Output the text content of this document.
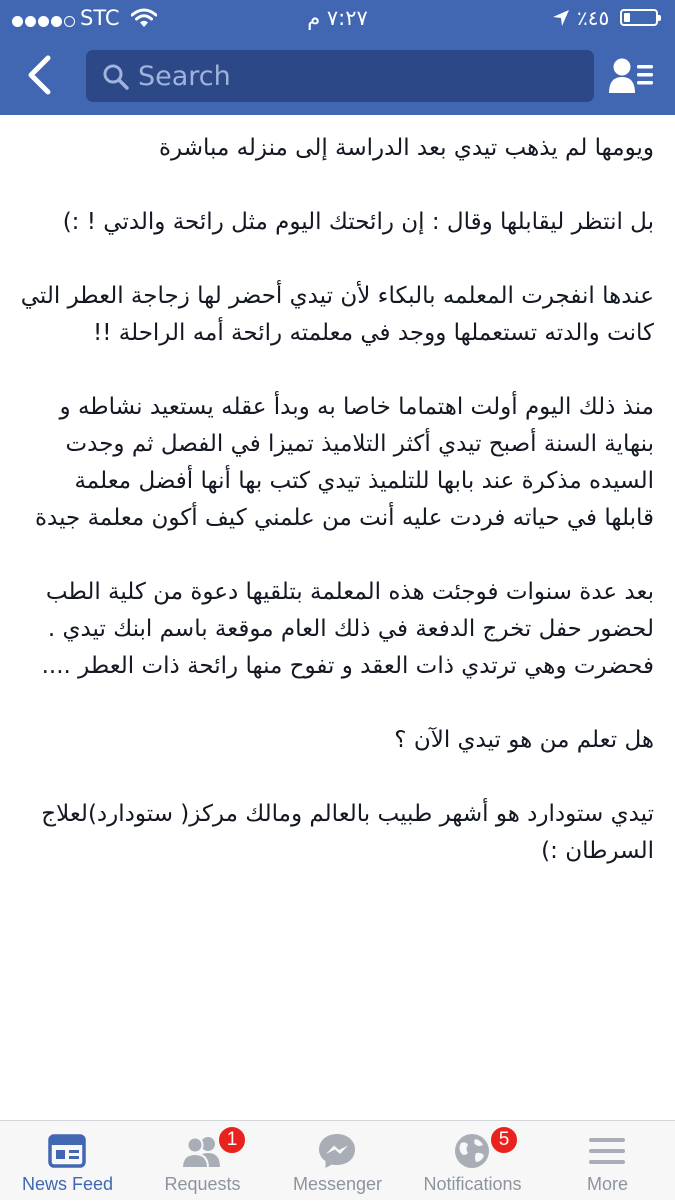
STC	٧:٢٧ م	٤٥٪
Search

ويومها لم يذهب تيدي بعد الدراسة إلى منزله مباشرة

بل انتظر ليقابلها وقال : إن رائحتك اليوم مثل رائحة والدتي ! :)

عندها انفجرت المعلمه بالبكاء لأن تيدي أحضر لها زجاجة العطر التي كانت والدته تستعملها ووجد في معلمته رائحة أمه الراحلة !!

منذ ذلك اليوم أولت اهتماما خاصا به وبدأ عقله يستعيد نشاطه و بنهاية السنة أصبح تيدي أكثر التلاميذ تميزا في الفصل ثم وجدت السيده مذكرة عند بابها للتلميذ تيدي كتب بها أنها أفضل معلمة قابلها في حياته فردت عليه أنت من علمني كيف أكون معلمة جيدة

بعد عدة سنوات فوجئت هذه المعلمة بتلقيها دعوة من كلية الطب لحضور حفل تخرج الدفعة في ذلك العام موقعة باسم ابنك تيدي .

فحضرت وهي ترتدي ذات العقد و تفوح منها رائحة ذات العطر ....

هل تعلم من هو تيدي الآن ؟

تيدي ستودارد هو أشهر طبيب بالعالم ومالك مركز( ستودارد)لعلاج السرطان :)

News Feed
1
Requests	Messenger
5
Notifications	More
